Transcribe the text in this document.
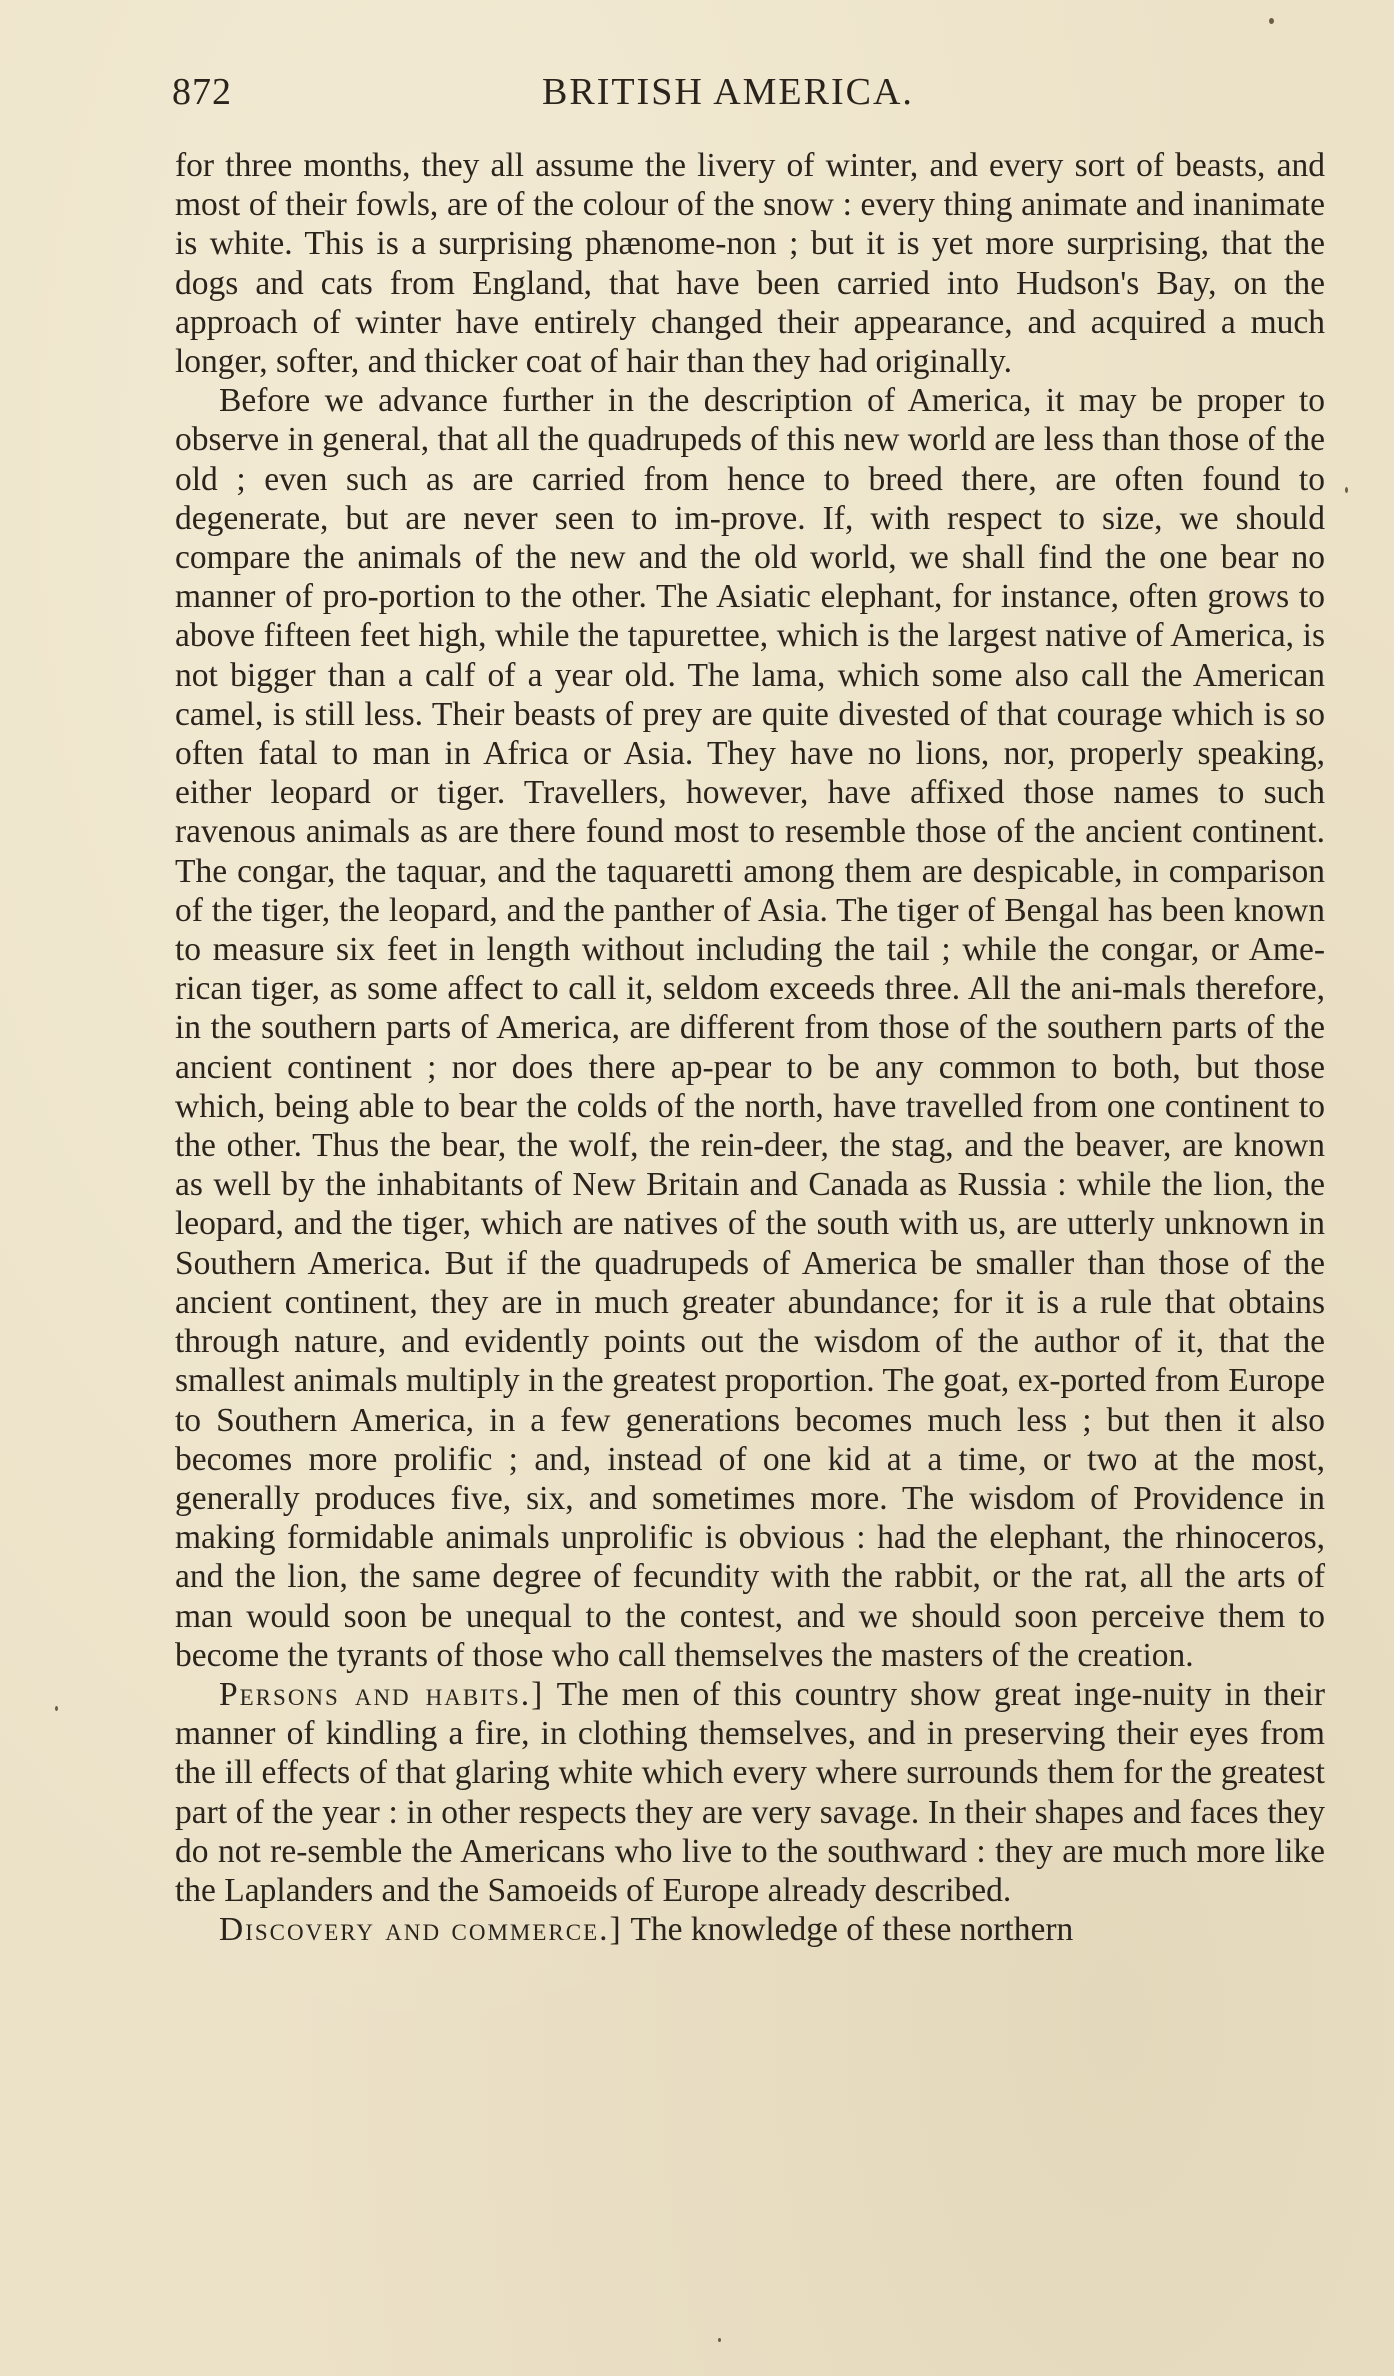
872	BRITISH AMERICA.

for three months, they all assume the livery of winter, and every sort of beasts, and most of their fowls, are of the colour of the snow : every thing animate and inanimate is white. This is a surprising phænome-non ; but it is yet more surprising, that the dogs and cats from England, that have been carried into Hudson's Bay, on the approach of winter have entirely changed their appearance, and acquired a much longer, softer, and thicker coat of hair than they had originally.

Before we advance further in the description of America, it may be proper to observe in general, that all the quadrupeds of this new world are less than those of the old ; even such as are carried from hence to breed there, are often found to degenerate, but are never seen to im-prove. If, with respect to size, we should compare the animals of the new and the old world, we shall find the one bear no manner of pro-portion to the other. The Asiatic elephant, for instance, often grows to above fifteen feet high, while the tapurettee, which is the largest native of America, is not bigger than a calf of a year old. The lama, which some also call the American camel, is still less. Their beasts of prey are quite divested of that courage which is so often fatal to man in Africa or Asia. They have no lions, nor, properly speaking, either leopard or tiger. Travellers, however, have affixed those names to such ravenous animals as are there found most to resemble those of the ancient continent. The congar, the taquar, and the taquaretti among them are despicable, in comparison of the tiger, the leopard, and the panther of Asia. The tiger of Bengal has been known to measure six feet in length without including the tail ; while the congar, or Ame-rican tiger, as some affect to call it, seldom exceeds three. All the ani-mals therefore, in the southern parts of America, are different from those of the southern parts of the ancient continent ; nor does there ap-pear to be any common to both, but those which, being able to bear the colds of the north, have travelled from one continent to the other. Thus the bear, the wolf, the rein-deer, the stag, and the beaver, are known as well by the inhabitants of New Britain and Canada as Russia : while the lion, the leopard, and the tiger, which are natives of the south with us, are utterly unknown in Southern America. But if the quadrupeds of America be smaller than those of the ancient continent, they are in much greater abundance; for it is a rule that obtains through nature, and evidently points out the wisdom of the author of it, that the smallest animals multiply in the greatest proportion. The goat, ex-ported from Europe to Southern America, in a few generations becomes much less ; but then it also becomes more prolific ; and, instead of one kid at a time, or two at the most, generally produces five, six, and sometimes more. The wisdom of Providence in making formidable animals unprolific is obvious : had the elephant, the rhinoceros, and the lion, the same degree of fecundity with the rabbit, or the rat, all the arts of man would soon be unequal to the contest, and we should soon perceive them to become the tyrants of those who call themselves the masters of the creation.

Persons and habits.] The men of this country show great inge-nuity in their manner of kindling a fire, in clothing themselves, and in preserving their eyes from the ill effects of that glaring white which every where surrounds them for the greatest part of the year : in other respects they are very savage. In their shapes and faces they do not re-semble the Americans who live to the southward : they are much more like the Laplanders and the Samoeids of Europe already described.

Discovery and commerce.] The knowledge of these northern
